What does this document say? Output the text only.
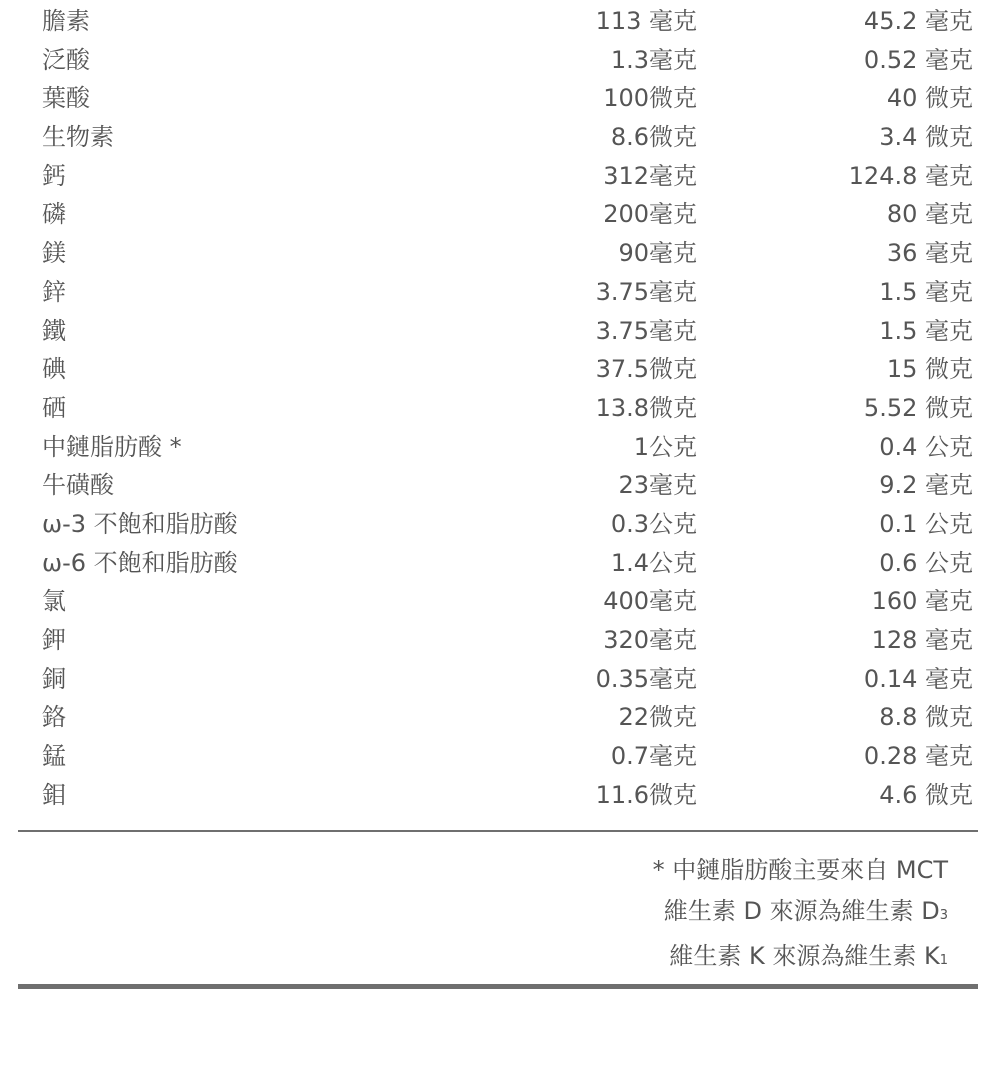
膽素	113 毫克	45.2 毫克
泛酸	1.3毫克	0.52 毫克
葉酸	100微克	40 微克
生物素	8.6微克	3.4 微克
鈣	312毫克	124.8 毫克
磷	200毫克	80 毫克
鎂	90毫克	36 毫克
鋅	3.75毫克	1.5 毫克
鐵	3.75毫克	1.5 毫克
碘	37.5微克	15 微克
硒	13.8微克	5.52 微克
中鏈脂肪酸 *	1公克	0.4 公克
牛磺酸	23毫克	9.2 毫克
ω-3 不飽和脂肪酸	0.3公克	0.1 公克
ω-6 不飽和脂肪酸	1.4公克	0.6 公克
氯	400毫克	160 毫克
鉀	320毫克	128 毫克
銅	0.35毫克	0.14 毫克
鉻	22微克	8.8 微克
錳	0.7毫克	0.28 毫克
鉬	11.6微克	4.6 微克
* 中鏈脂肪酸主要來自 MCT
維生素 D 來源為維生素 D3
維生素 K 來源為維生素 K1
